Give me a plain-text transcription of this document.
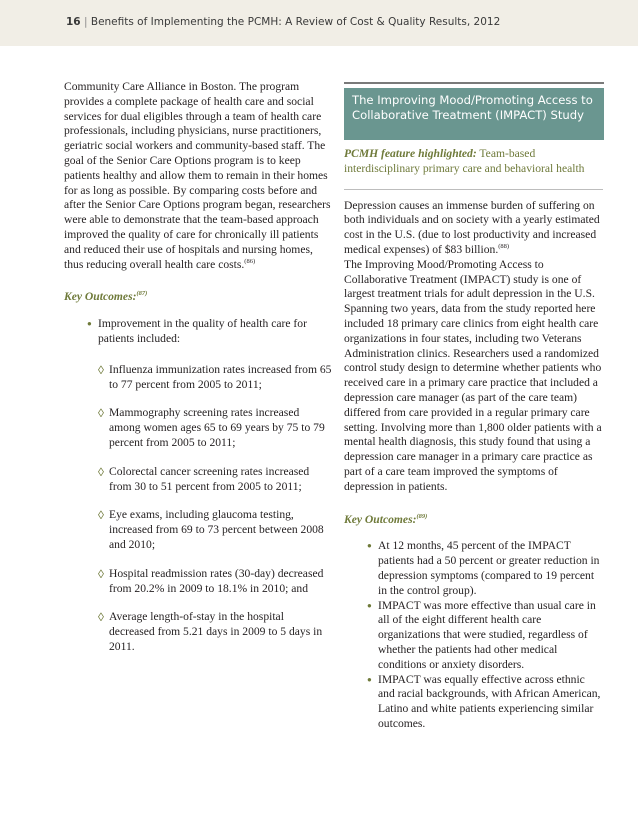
16 | Benefits of Implementing the PCMH: A Review of Cost & Quality Results, 2012

Community Care Alliance in Boston. The program provides a complete package of health care and social services for dual eligibles through a team of health care professionals, including physicians, nurse practitioners, geriatric social workers and community-based staff. The goal of the Senior Care Options program is to keep patients healthy and allow them to remain in their homes for as long as possible. By comparing costs before and after the Senior Care Options program began, researchers were able to demonstrate that the team-based approach improved the quality of care for chronically ill patients and reduced their use of hospitals and nursing homes, thus reducing overall health care costs.$^{(86)}$

Key Outcomes:$^{(87)}$

● Improvement in the quality of health care for patients included:
◊ Influenza immunization rates increased from 65 to 77 percent from 2005 to 2011;
◊ Mammography screening rates increased among women ages 65 to 69 years by 75 to 79 percent from 2005 to 2011;
◊ Colorectal cancer screening rates increased from 30 to 51 percent from 2005 to 2011;
◊ Eye exams, including glaucoma testing, increased from 69 to 73 percent between 2008 and 2010;
◊ Hospital readmission rates (30-day) decreased from 20.2% in 2009 to 18.1% in 2010; and
◊ Average length-of-stay in the hospital decreased from 5.21 days in 2009 to 5 days in 2011.
The Improving Mood/Promoting Access to Collaborative Treatment (IMPACT) Study

PCMH feature highlighted: Team-based interdisciplinary primary care and behavioral health

Depression causes an immense burden of suffering on both individuals and on society with a yearly estimated cost in the U.S. (due to lost productivity and increased medical expenses) of $83 billion.$^{(88)}$

The Improving Mood/Promoting Access to Collaborative Treatment (IMPACT) study is one of largest treatment trials for adult depression in the U.S. Spanning two years, data from the study reported here included 18 primary care clinics from eight health care organizations in four states, including two Veterans Administration clinics. Researchers used a randomized control study design to determine whether patients who received care in a primary care practice that included a depression care manager (as part of the care team) differed from care provided in a regular primary care setting. Involving more than 1,800 older patients with a mental health diagnosis, this study found that using a depression care manager in a primary care practice as part of a care team improved the symptoms of depression in patients.

Key Outcomes:$^{(89)}$

● At 12 months, 45 percent of the IMPACT patients had a 50 percent or greater reduction in depression symptoms (compared to 19 percent in the control group).
● IMPACT was more effective than usual care in all of the eight different health care organizations that were studied, regardless of whether the patients had other medical conditions or anxiety disorders.
● IMPACT was equally effective across ethnic and racial backgrounds, with African American, Latino and white patients experiencing similar outcomes.
